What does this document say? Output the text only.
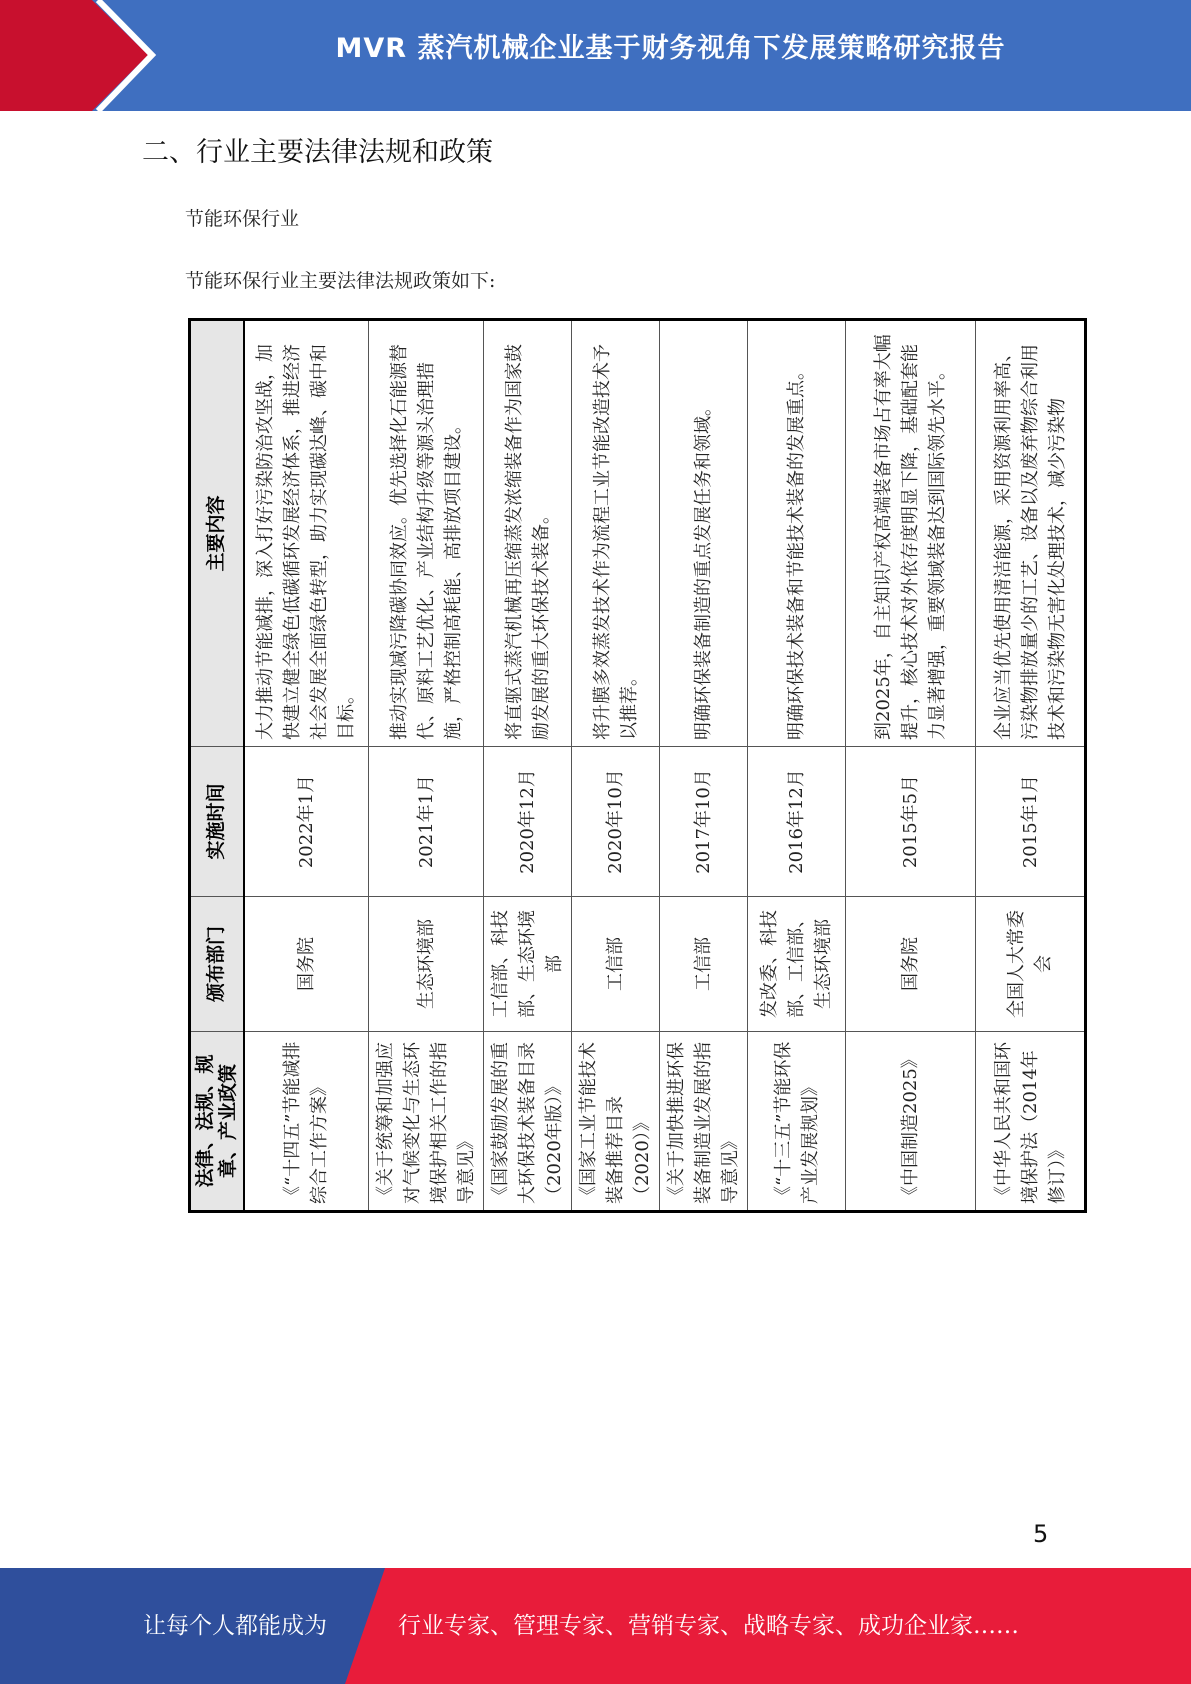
MVR 蒸汽机械企业基于财务视角下发展策略研究报告
二、行业主要法律法规和政策
节能环保行业
节能环保行业主要法律法规政策如下:
法律、法规、规章、产业政策	颁布部门	实施时间	主要内容
《“十四五”节能减排综合工作方案》	国务院	2022年1月	大力推动节能减排，深入打好污染防治攻坚战，加快建立健全绿色低碳循环发展经济体系，推进经济社会发展全面绿色转型，助力实现碳达峰、碳中和目标。
《关于统筹和加强应对气候变化与生态环境保护相关工作的指导意见》	生态环境部	2021年1月	推动实现减污降碳协同效应。优先选择化石能源替代、原料工艺优化、产业结构升级等源头治理措施，严格控制高耗能、高排放项目建设。
《国家鼓励发展的重大环保技术装备目录（2020年版）》	工信部、科技部、生态环境部	2020年12月	将直驱式蒸汽机械再压缩蒸发浓缩装备作为国家鼓励发展的重大环保技术装备。
《国家工业节能技术装备推荐目录（2020）》	工信部	2020年10月	将升膜多效蒸发技术作为流程工业节能改造技术予以推荐。
《关于加快推进环保装备制造业发展的指导意见》	工信部	2017年10月	明确环保装备制造的重点发展任务和领域。
《“十三五”节能环保产业发展规划》	发改委、科技部、工信部、生态环境部	2016年12月	明确环保技术装备和节能技术装备的发展重点。
《中国制造2025》	国务院	2015年5月	到2025年，自主知识产权高端装备市场占有率大幅提升，核心技术对外依存度明显下降，基础配套能力显著增强，重要领域装备达到国际领先水平。
《中华人民共和国环境保护法（2014年修订）》	全国人大常委会	2015年1月	企业应当优先使用清洁能源，采用资源利用率高、污染物排放量少的工艺、设备以及废弃物综合利用技术和污染物无害化处理技术，减少污染物
5
让每个人都能成为	行业专家、管理专家、营销专家、战略专家、成功企业家……
